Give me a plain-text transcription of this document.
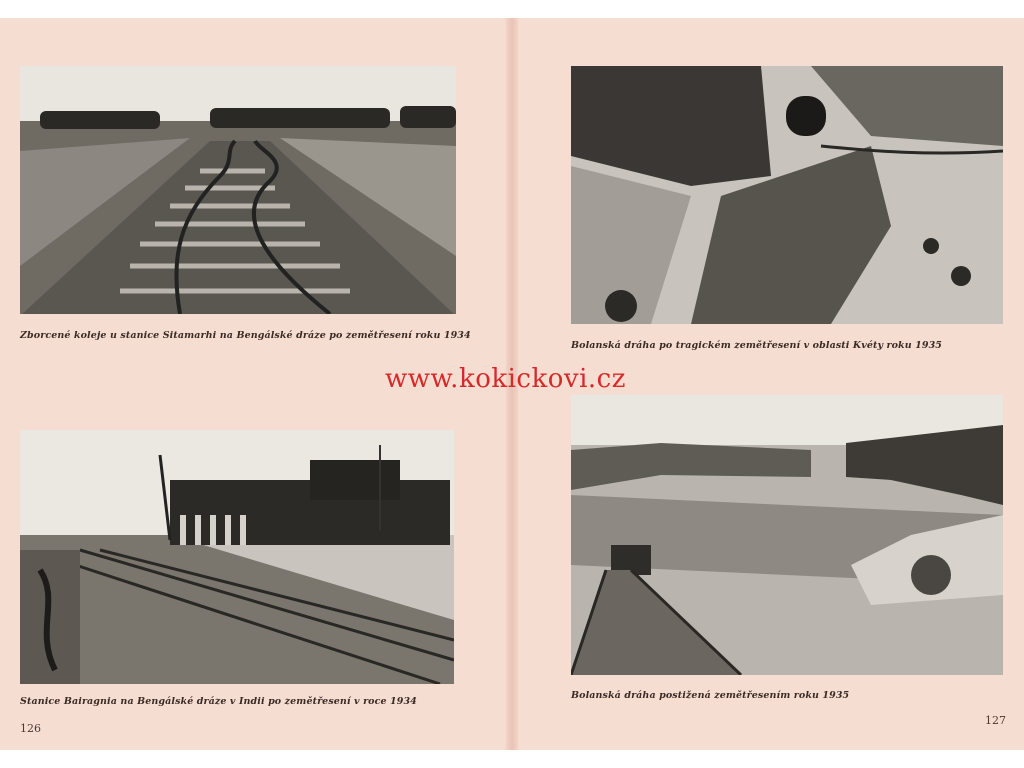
Zborcené koleje u stanice Sitamarhi na Bengálské dráze po zemětřesení roku 1934
Stanice Bairagnia na Bengálské dráze v Indii po zemětřesení v roce 1934
126
Bolanská dráha po tragickém zemětřesení v oblasti Kvéty roku 1935
www.kokickovi.cz
Bolanská dráha postižená zemětřesením roku 1935
127
